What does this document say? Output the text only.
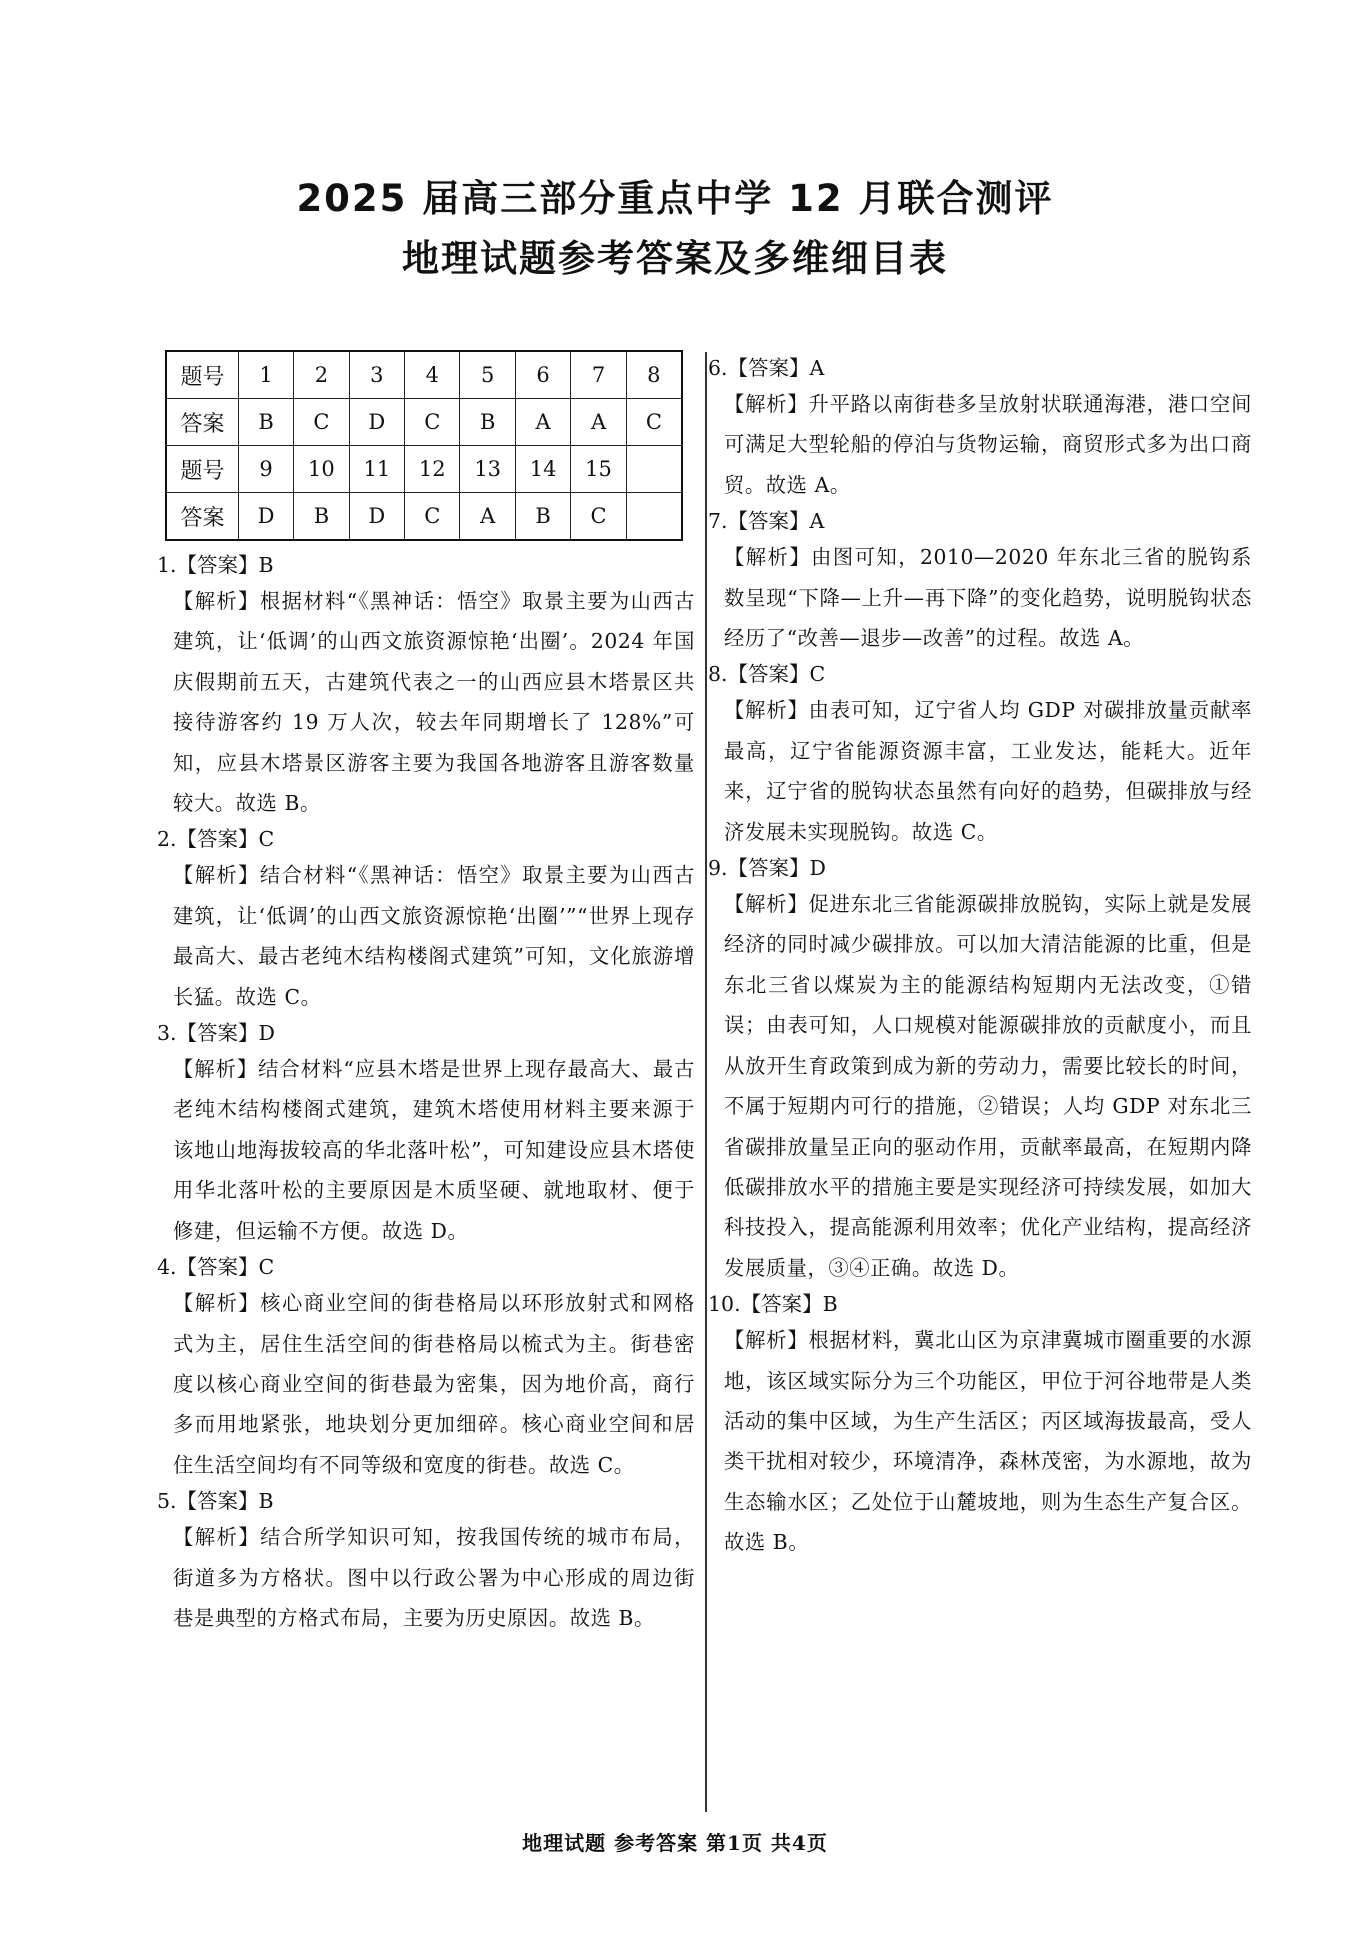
2025 届高三部分重点中学 12 月联合测评
地理试题参考答案及多维细目表
题号	1	2	3	4	5	6	7	8
答案	B	C	D	C	B	A	A	C
题号	9	10	11	12	13	14	15	
答案	D	B	D	C	A	B	C	
1.【答案】B
【解析】根据材料“《黑神话：悟空》取景主要为山西古建筑，让‘低调’的山西文旅资源惊艳‘出圈’。2024 年国庆假期前五天，古建筑代表之一的山西应县木塔景区共接待游客约 19 万人次，较去年同期增长了 128%”可知，应县木塔景区游客主要为我国各地游客且游客数量较大。故选 B。
2.【答案】C
【解析】结合材料“《黑神话：悟空》取景主要为山西古建筑，让‘低调’的山西文旅资源惊艳‘出圈’”“世界上现存最高大、最古老纯木结构楼阁式建筑”可知，文化旅游增长猛。故选 C。
3.【答案】D
【解析】结合材料“应县木塔是世界上现存最高大、最古老纯木结构楼阁式建筑，建筑木塔使用材料主要来源于该地山地海拔较高的华北落叶松”，可知建设应县木塔使用华北落叶松的主要原因是木质坚硬、就地取材、便于修建，但运输不方便。故选 D。
4.【答案】C
【解析】核心商业空间的街巷格局以环形放射式和网格式为主，居住生活空间的街巷格局以梳式为主。街巷密度以核心商业空间的街巷最为密集，因为地价高，商行多而用地紧张，地块划分更加细碎。核心商业空间和居住生活空间均有不同等级和宽度的街巷。故选 C。
5.【答案】B
【解析】结合所学知识可知，按我国传统的城市布局，街道多为方格状。图中以行政公署为中心形成的周边街巷是典型的方格式布局，主要为历史原因。故选 B。
6.【答案】A
【解析】升平路以南街巷多呈放射状联通海港，港口空间可满足大型轮船的停泊与货物运输，商贸形式多为出口商贸。故选 A。
7.【答案】A
【解析】由图可知，2010—2020 年东北三省的脱钩系数呈现“下降—上升—再下降”的变化趋势，说明脱钩状态经历了“改善—退步—改善”的过程。故选 A。
8.【答案】C
【解析】由表可知，辽宁省人均 GDP 对碳排放量贡献率最高，辽宁省能源资源丰富，工业发达，能耗大。近年来，辽宁省的脱钩状态虽然有向好的趋势，但碳排放与经济发展未实现脱钩。故选 C。
9.【答案】D
【解析】促进东北三省能源碳排放脱钩，实际上就是发展经济的同时减少碳排放。可以加大清洁能源的比重，但是东北三省以煤炭为主的能源结构短期内无法改变，①错误；由表可知，人口规模对能源碳排放的贡献度小，而且从放开生育政策到成为新的劳动力，需要比较长的时间，不属于短期内可行的措施，②错误；人均 GDP 对东北三省碳排放量呈正向的驱动作用，贡献率最高，在短期内降低碳排放水平的措施主要是实现经济可持续发展，如加大科技投入，提高能源利用效率；优化产业结构，提高经济发展质量，③④正确。故选 D。
10.【答案】B
【解析】根据材料，冀北山区为京津冀城市圈重要的水源地，该区域实际分为三个功能区，甲位于河谷地带是人类活动的集中区域，为生产生活区；丙区域海拔最高，受人类干扰相对较少，环境清净，森林茂密，为水源地，故为生态输水区；乙处位于山麓坡地，则为生态生产复合区。故选 B。
地理试题 参考答案 第1页 共4页
